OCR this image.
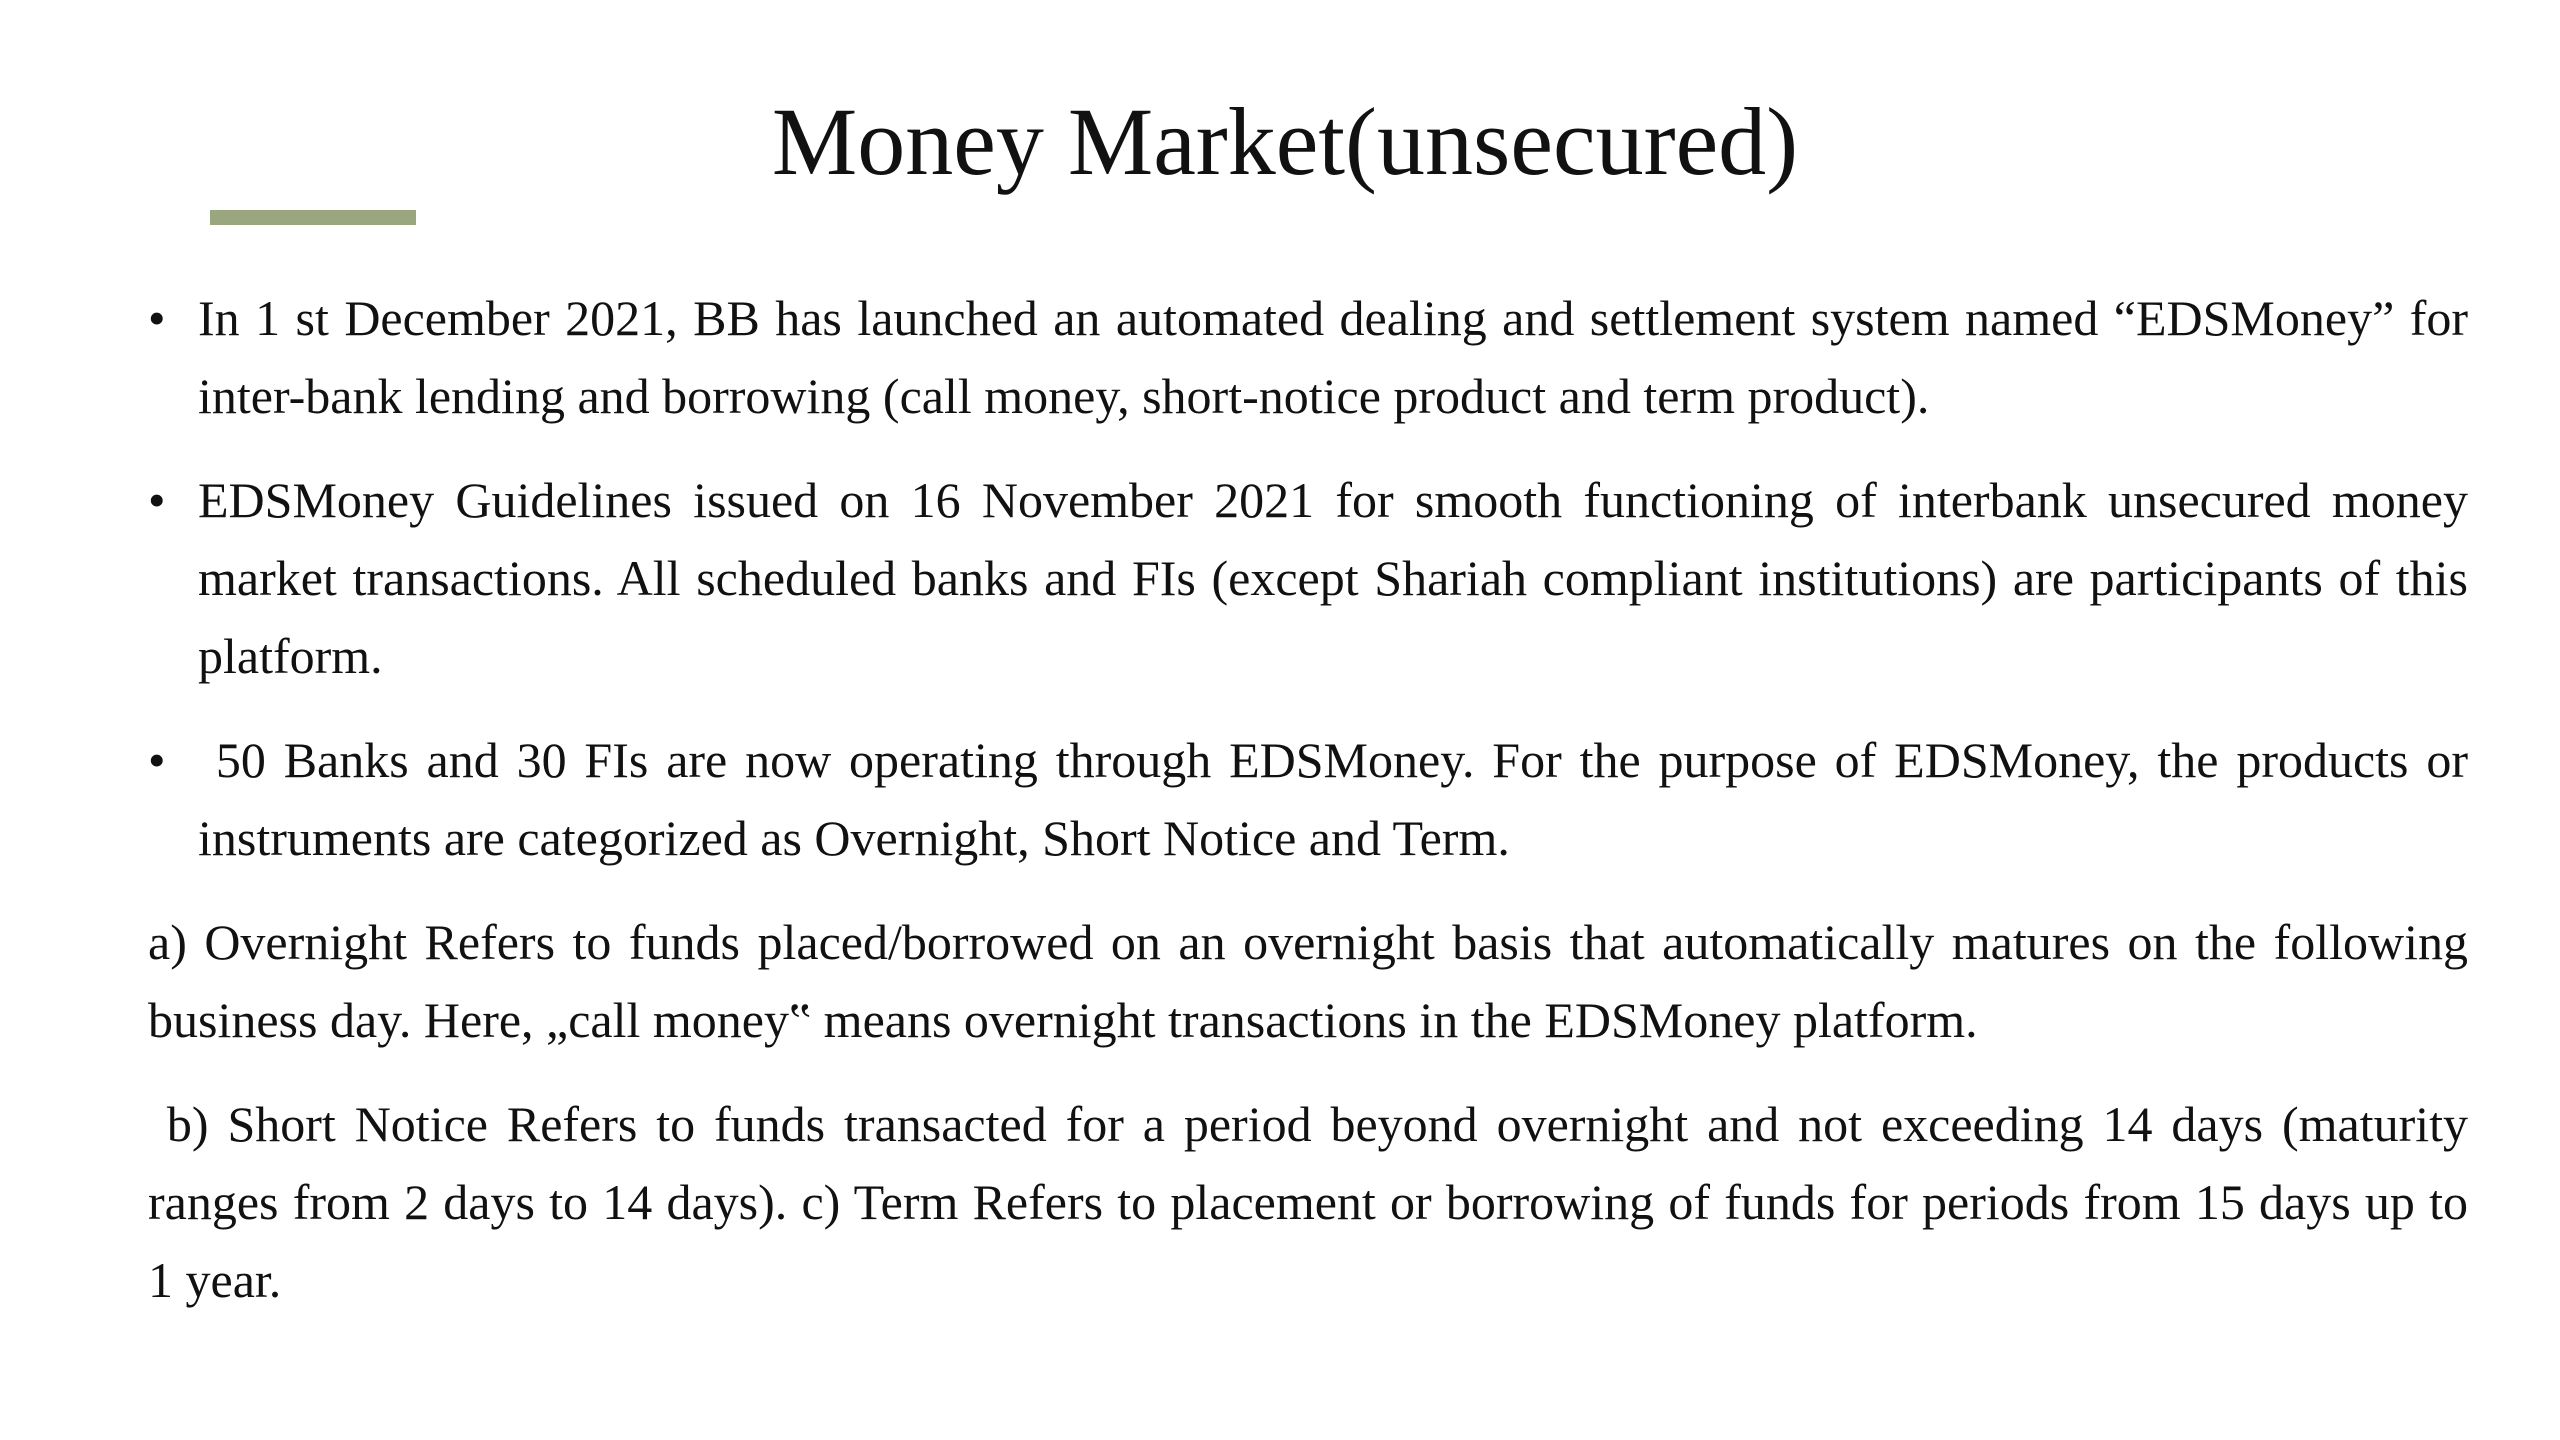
Money Market(unsecured)
• In 1 st December 2021, BB has launched an automated dealing and settlement system named “EDSMoney” for inter-bank lending and borrowing (call money, short-notice product and term product).
• EDSMoney Guidelines issued on 16 November 2021 for smooth functioning of interbank unsecured money market transactions. All scheduled banks and FIs (except Shariah compliant institutions) are participants of this platform.
• 50 Banks and 30 FIs are now operating through EDSMoney. For the purpose of EDSMoney, the products or instruments are categorized as Overnight, Short Notice and Term.

a) Overnight Refers to funds placed/borrowed on an overnight basis that automatically matures on the following business day. Here, „call money‟ means overnight transactions in the EDSMoney platform.

b) Short Notice Refers to funds transacted for a period beyond overnight and not exceeding 14 days (maturity ranges from 2 days to 14 days). c) Term Refers to placement or borrowing of funds for periods from 15 days up to 1 year.
